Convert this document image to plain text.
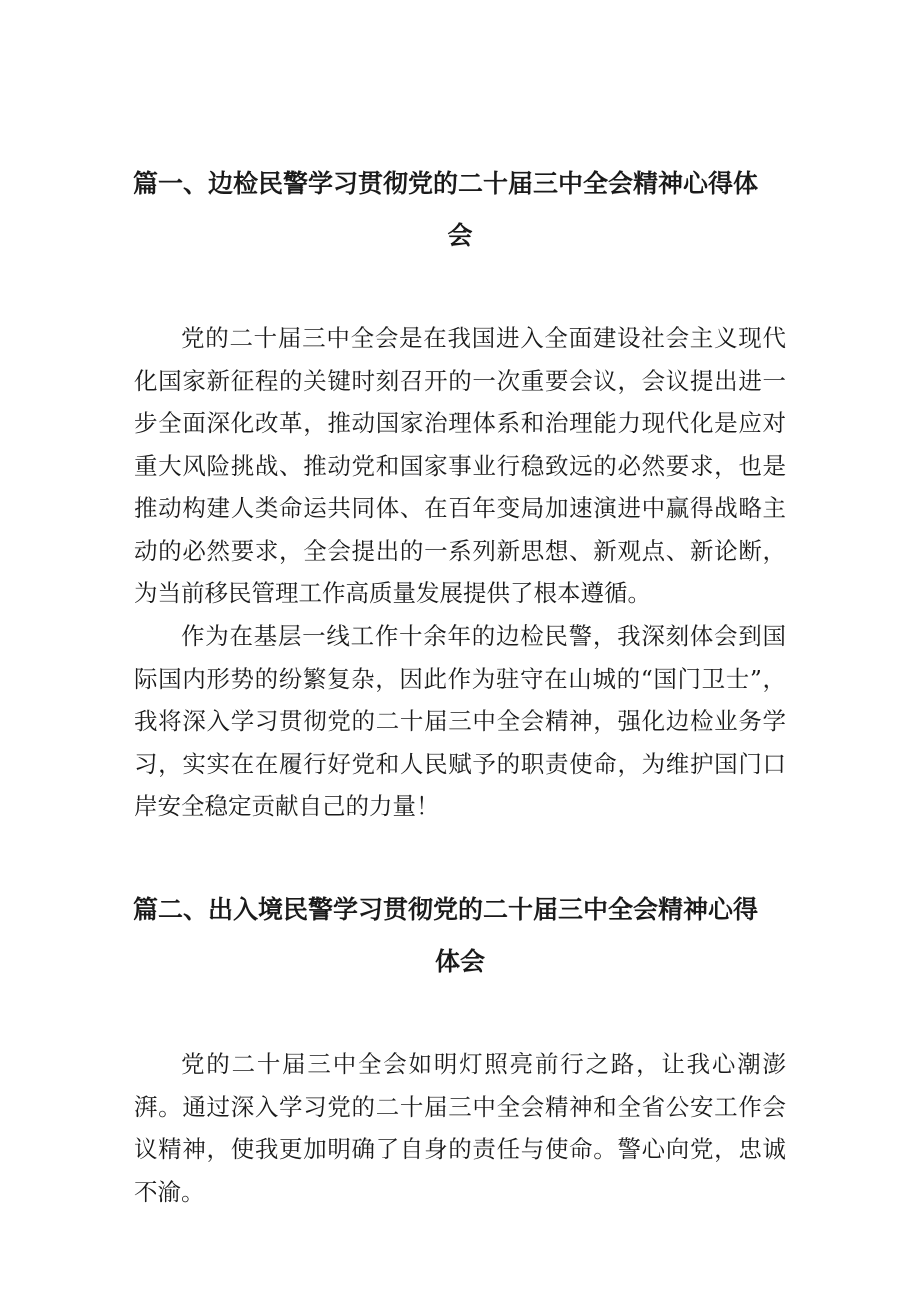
篇一、边检民警学习贯彻党的二十届三中全会精神心得体
会

党的二十届三中全会是在我国进入全面建设社会主义现代化国家新征程的关键时刻召开的一次重要会议，会议提出进一步全面深化改革，推动国家治理体系和治理能力现代化是应对重大风险挑战、推动党和国家事业行稳致远的必然要求，也是推动构建人类命运共同体、在百年变局加速演进中赢得战略主动的必然要求，全会提出的一系列新思想、新观点、新论断，为当前移民管理工作高质量发展提供了根本遵循。

作为在基层一线工作十余年的边检民警，我深刻体会到国际国内形势的纷繁复杂，因此作为驻守在山城的“国门卫士”，我将深入学习贯彻党的二十届三中全会精神，强化边检业务学习，实实在在履行好党和人民赋予的职责使命，为维护国门口岸安全稳定贡献自己的力量！

篇二、出入境民警学习贯彻党的二十届三中全会精神心得
体会

党的二十届三中全会如明灯照亮前行之路，让我心潮澎湃。通过深入学习党的二十届三中全会精神和全省公安工作会议精神，使我更加明确了自身的责任与使命。警心向党，忠诚不渝。
